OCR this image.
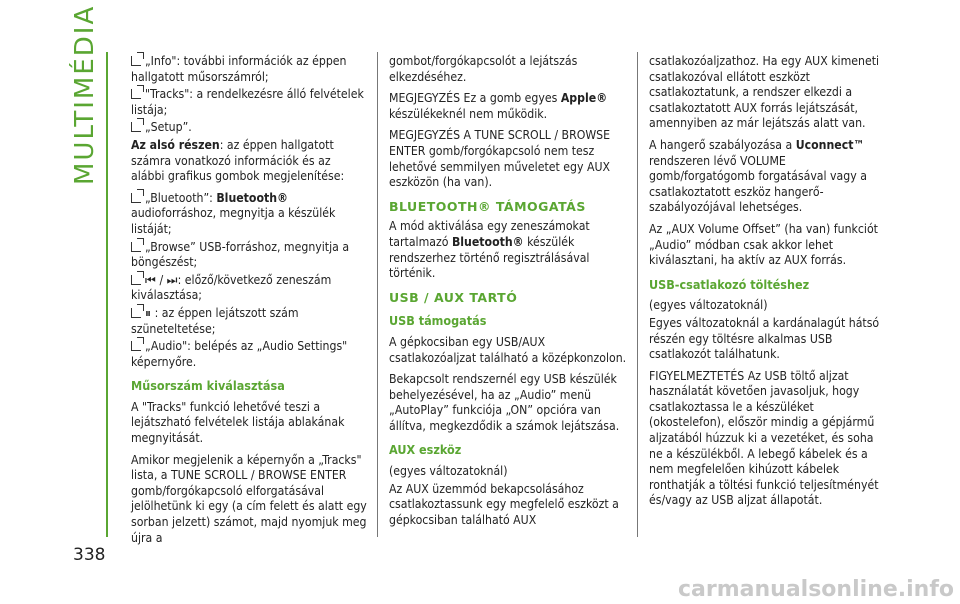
MULTIMÉDIA	„Info": további információk az éppen hallgatott műsorszámról;
"Tracks": a rendelkezésre álló felvételek listája;
„Setup”.

Az alsó részen: az éppen hallgatott számra vonatkozó információk és az alábbi grafikus gombok megjelenítése:

„Bluetooth”: Bluetooth® audioforráshoz, megnyitja a készülék listáját;
„Browse” USB-forráshoz, megnyitja a böngészést;
⏮ / ⏭: előző/következő zeneszám kiválasztása;
⏸ : az éppen lejátszott szám szüneteltetése;
„Audio": belépés az „Audio Settings" képernyőre.
Műsorszám kiválasztása

A "Tracks" funkció lehetővé teszi a lejátszható felvételek listája ablakának megnyitását.

Amikor megjelenik a képernyőn a „Tracks" lista, a TUNE SCROLL / BROWSE ENTER gomb/forgókapcsoló elforgatásával jelölhetünk ki egy (a cím felett és alatt egy sorban jelzett) számot, majd nyomjuk meg újra a

gombot/forgókapcsolót a lejátszás elkezdéséhez.

MEGJEGYZÉS Ez a gomb egyes Apple® készülékeknél nem működik.

MEGJEGYZÉS A TUNE SCROLL / BROWSE ENTER gomb/forgókapcsoló nem tesz lehetővé semmilyen műveletet egy AUX eszközön (ha van).

BLUETOOTH® TÁMOGATÁS

A mód aktiválása egy zeneszámokat tartalmazó Bluetooth® készülék rendszerhez történő regisztrálásával történik.

USB / AUX TARTÓ
USB támogatás

A gépkocsiban egy USB/AUX csatlakozóaljzat található a középkonzolon.

Bekapcsolt rendszernél egy USB készülék behelyezésével, ha az „Audio” menü „AutoPlay” funkciója „ON” opcióra van állítva, megkezdődik a számok lejátszása.

AUX eszköz

(egyes változatoknál)

Az AUX üzemmód bekapcsolásához csatlakoztassunk egy megfelelő eszközt a gépkocsiban található AUX

csatlakozóaljzathoz. Ha egy AUX kimeneti csatlakozóval ellátott eszközt csatlakoztatunk, a rendszer elkezdi a csatlakoztatott AUX forrás lejátszását, amennyiben az már lejátszás alatt van.

A hangerő szabályozása a Uconnect™ rendszeren lévő VOLUME gomb/forgatógomb forgatásával vagy a csatlakoztatott eszköz hangerő-szabályozójával lehetséges.

Az „AUX Volume Offset” (ha van) funkciót „Audio” módban csak akkor lehet kiválasztani, ha aktív az AUX forrás.

USB-csatlakozó töltéshez

(egyes változatoknál)

Egyes változatoknál a kardánalagút hátsó részén egy töltésre alkalmas USB csatlakozót találhatunk.

FIGYELMEZTETÉS Az USB töltő aljzat használatát követően javasoljuk, hogy csatlakoztassa le a készüléket (okostelefon), először mindig a gépjármű aljzatából húzzuk ki a vezetéket, és soha ne a készülékből. A lebegő kábelek és a nem megfelelően kihúzott kábelek ronthatják a töltési funkció teljesítményét és/vagy az USB aljzat állapotát.

338
carmanualsonline.info
